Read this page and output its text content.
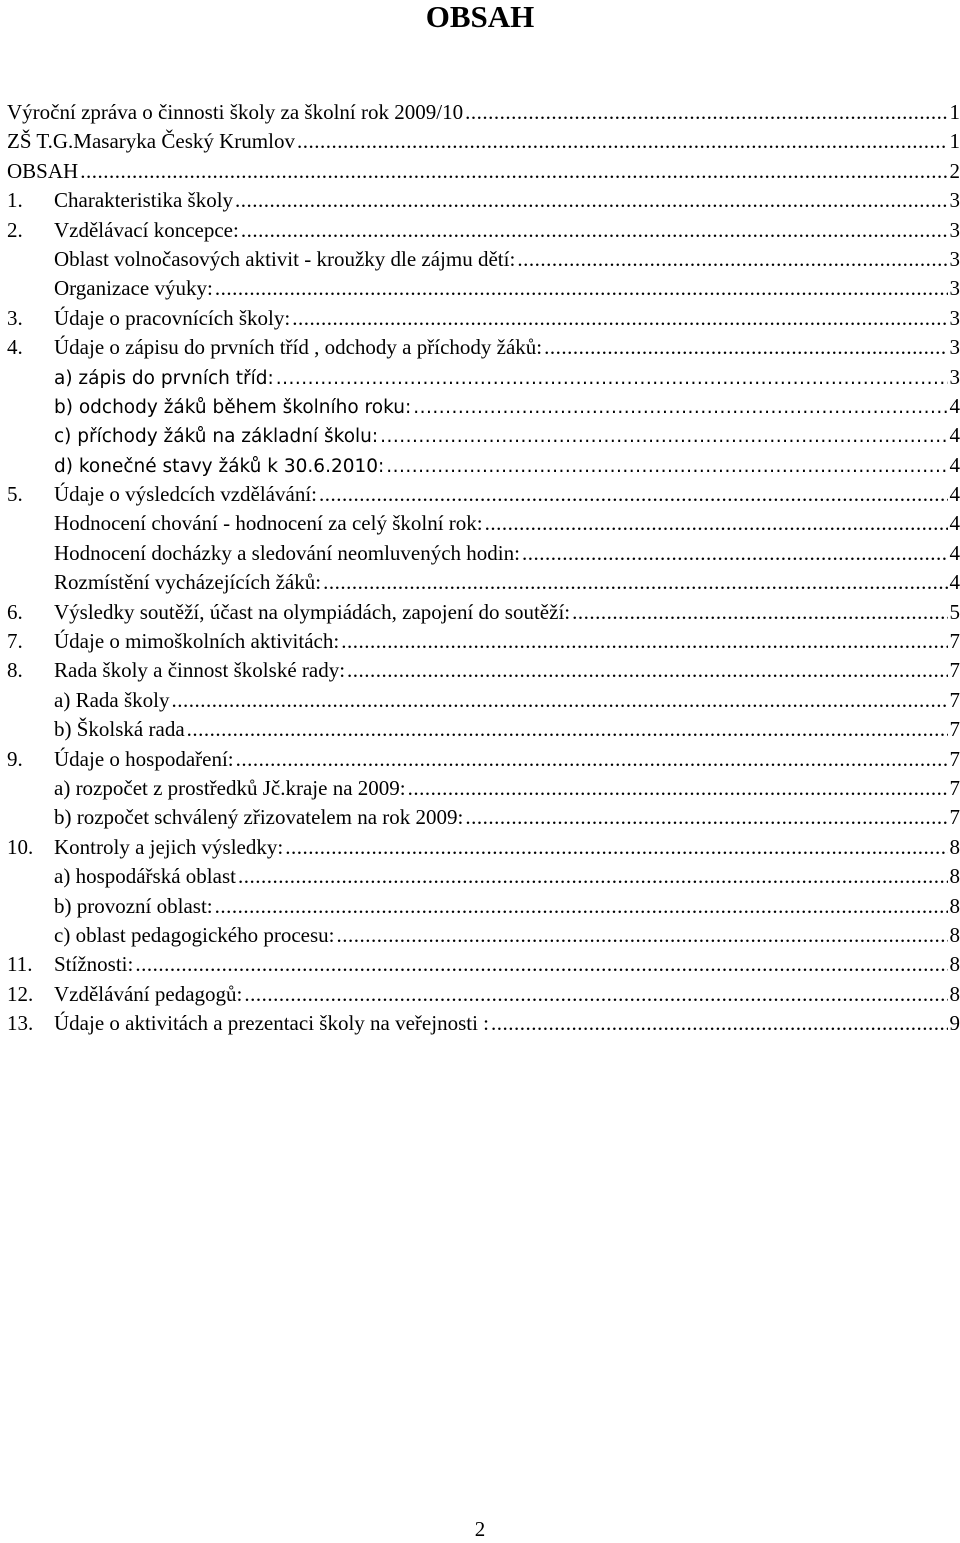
OBSAH
Výroční zpráva o činnosti školy za školní rok 2009/10 .....	1
ZŠ T.G.Masaryka Český Krumlov .....	1
OBSAH .....	2
1.	Charakteristika školy .....	3
2.	Vzdělávací koncepce: .....	3
Oblast volnočasových aktivit - kroužky dle zájmu dětí: .....	3
Organizace výuky: .....	3
3.	Údaje o pracovnících školy: .....	3
4.	Údaje o zápisu do prvních tříd , odchody a příchody žáků: .....	3
a) zápis do prvních tříd: .....	3
b) odchody žáků během školního roku: .....	4
c) příchody žáků na základní školu: .....	4
d) konečné stavy žáků k 30.6.2010: .....	4
5.	Údaje o výsledcích vzdělávání: .....	4
Hodnocení chování - hodnocení za celý školní rok: .....	4
Hodnocení docházky a sledování neomluvených hodin: .....	4
Rozmístění vycházejících žáků: .....	4
6.	Výsledky soutěží, účast na olympiádách, zapojení do soutěží: .....	5
7.	Údaje o mimoškolních aktivitách: .....	7
8.	Rada školy a činnost školské rady: .....	7
a) Rada školy .....	7
b) Školská rada .....	7
9.	Údaje o hospodaření: .....	7
a) rozpočet z prostředků Jč.kraje na 2009: .....	7
b) rozpočet schválený zřizovatelem na rok 2009: .....	7
10. Kontroly a jejich výsledky: .....	8
a) hospodářská oblast .....	8
b) provozní oblast: .....	8
c) oblast pedagogického procesu: .....	8
11.	Stížnosti: .....	8
12. Vzdělávání pedagogů: .....	8
13. Údaje o aktivitách a prezentaci školy na veřejnosti : .....	9
2
